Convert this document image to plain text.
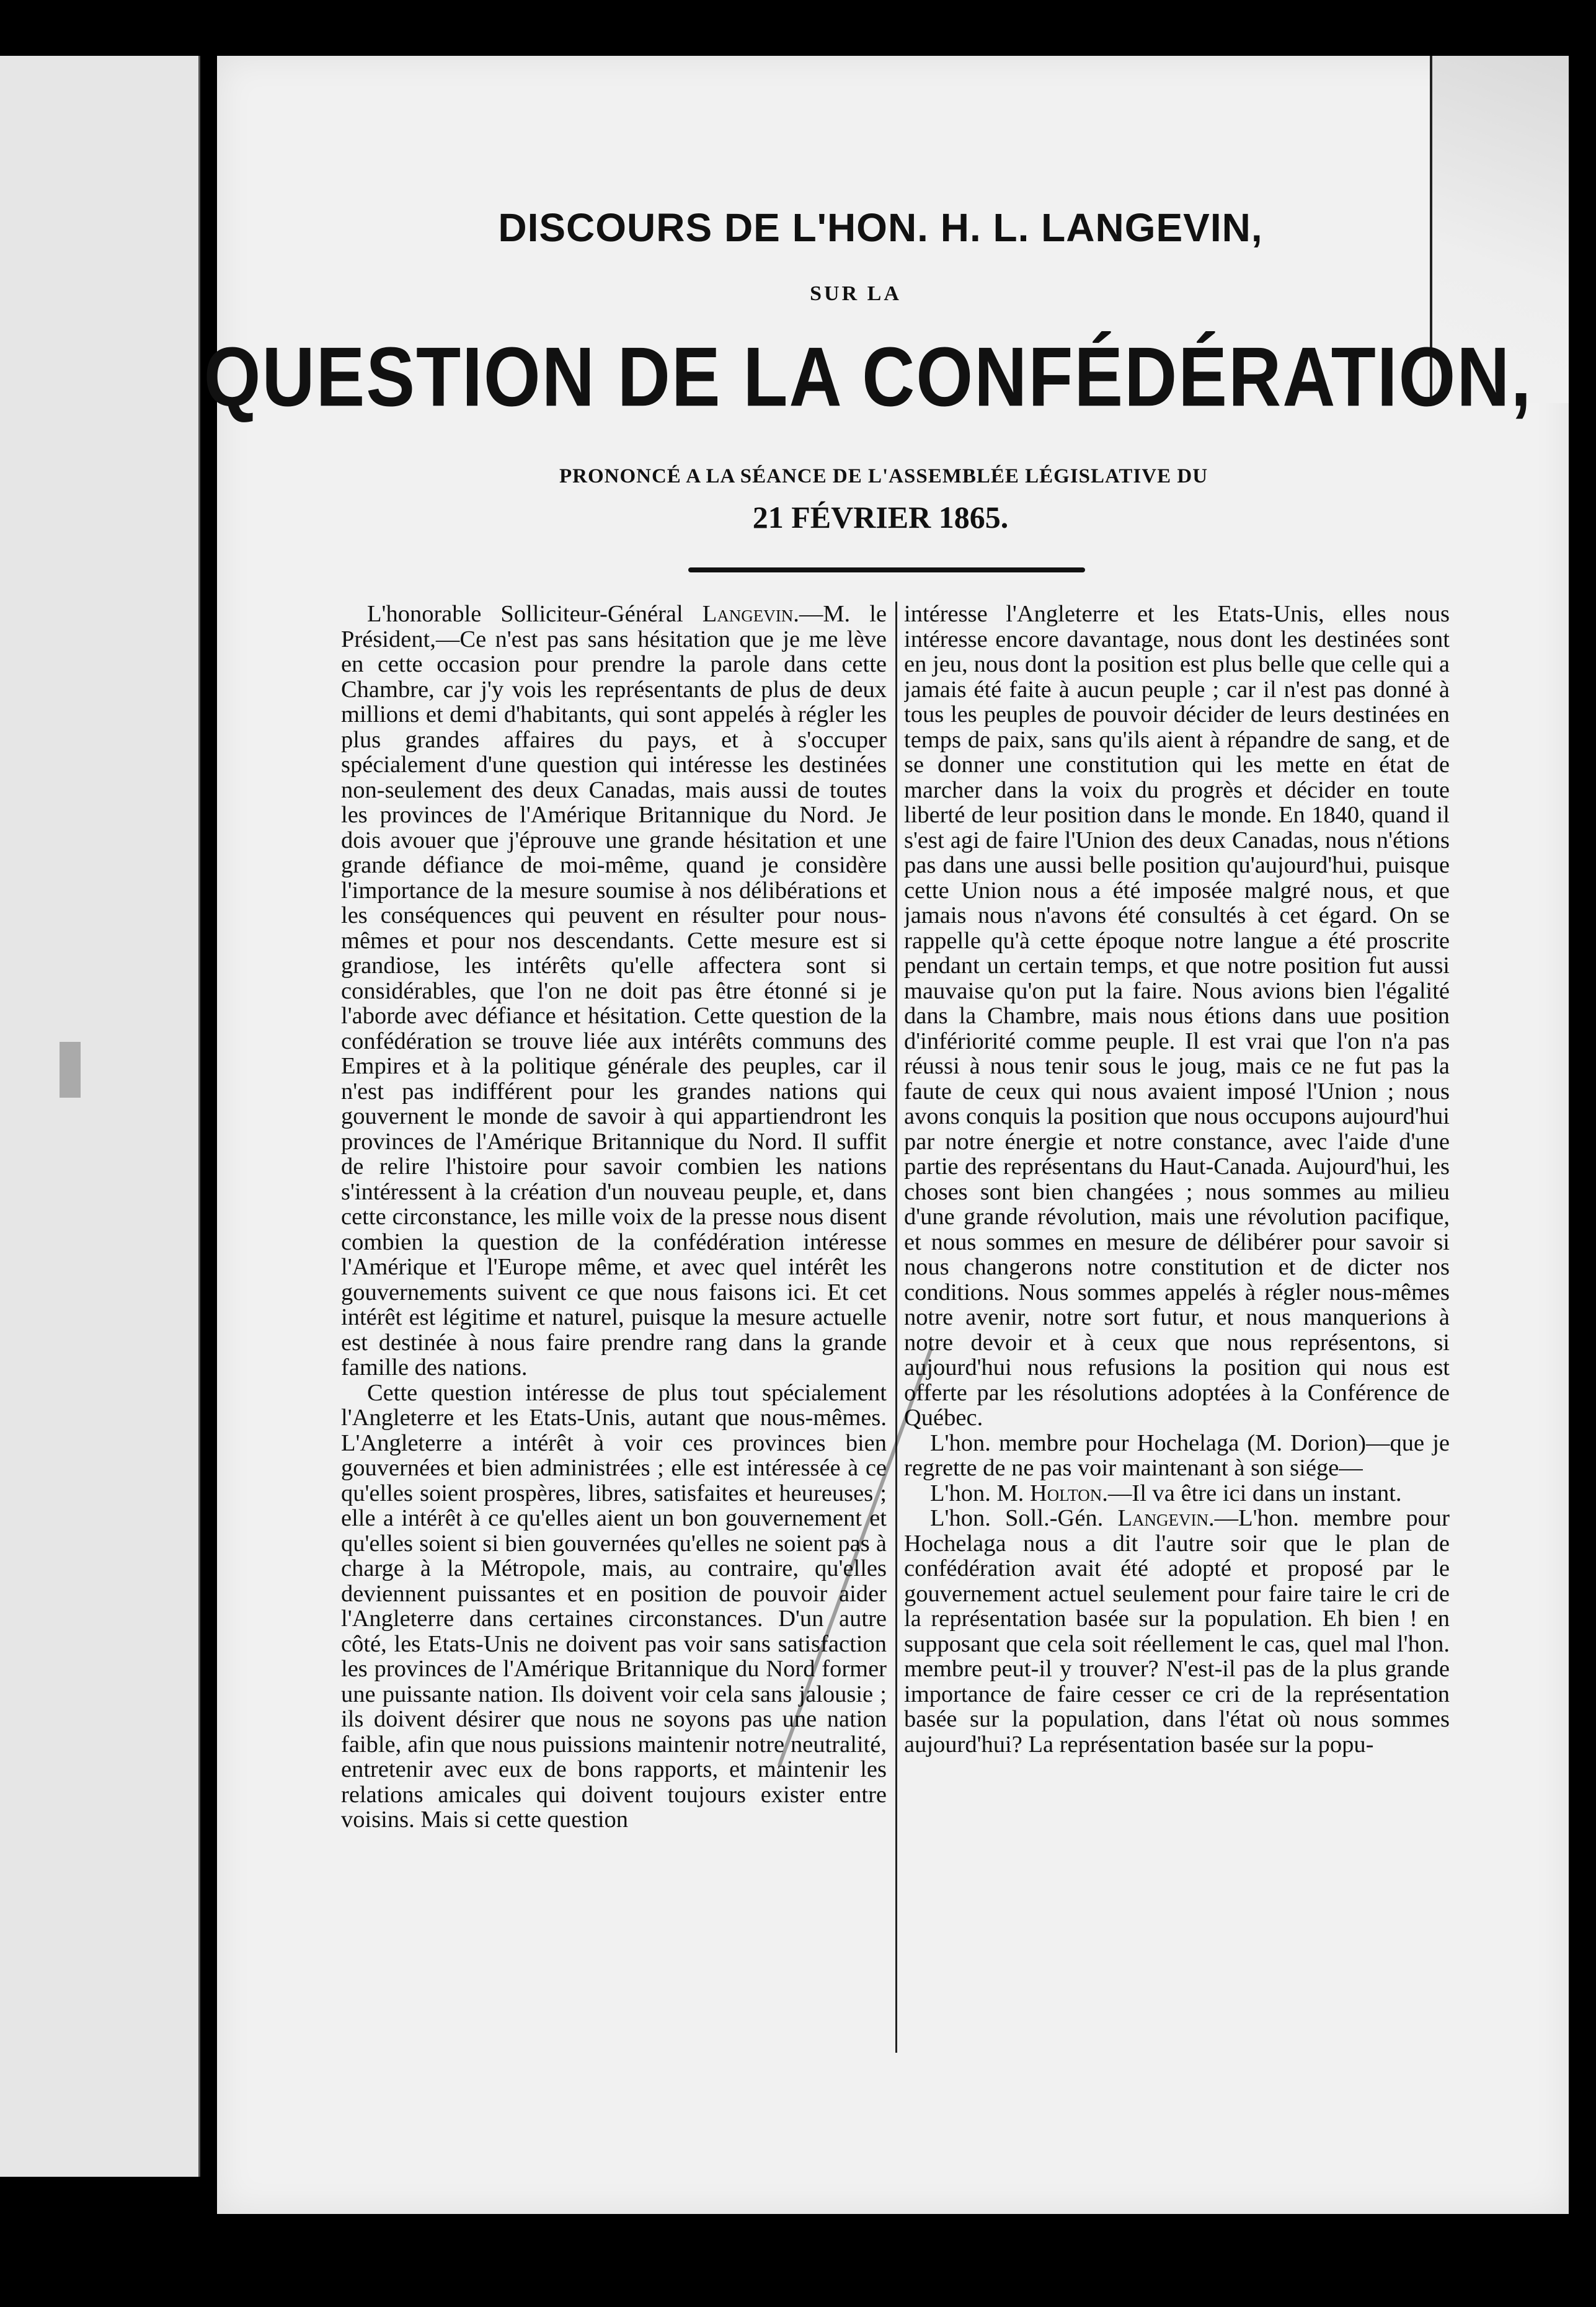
DISCOURS DE L'HON. H. L. LANGEVIN,
SUR LA
QUESTION DE LA CONFÉDÉRATION,
PRONONCÉ A LA SÉANCE DE L'ASSEMBLÉE LÉGISLATIVE DU
21 FÉVRIER 1865.

L'honorable Solliciteur-Général Langevin.—M. le Président,—Ce n'est pas sans hésitation que je me lève en cette occasion pour prendre la parole dans cette Chambre, car j'y vois les représentants de plus de deux millions et demi d'habitants, qui sont appelés à régler les plus grandes affaires du pays, et à s'occuper spécialement d'une question qui intéresse les destinées non-seulement des deux Canadas, mais aussi de toutes les provinces de l'Amérique Britannique du Nord. Je dois avouer que j'éprouve une grande hésitation et une grande défiance de moi-même, quand je considère l'importance de la mesure soumise à nos délibérations et les conséquences qui peuvent en résulter pour nous-mêmes et pour nos descendants. Cette mesure est si grandiose, les intérêts qu'elle affectera sont si considérables, que l'on ne doit pas être étonné si je l'aborde avec défiance et hésitation. Cette question de la confédération se trouve liée aux intérêts communs des Empires et à la politique générale des peuples, car il n'est pas indifférent pour les grandes nations qui gouvernent le monde de savoir à qui appartiendront les provinces de l'Amérique Britannique du Nord. Il suffit de relire l'histoire pour savoir combien les nations s'intéressent à la création d'un nouveau peuple, et, dans cette circonstance, les mille voix de la presse nous disent combien la question de la confédération intéresse l'Amérique et l'Europe même, et avec quel intérêt les gouvernements suivent ce que nous faisons ici. Et cet intérêt est légitime et naturel, puisque la mesure actuelle est destinée à nous faire prendre rang dans la grande famille des nations.

Cette question intéresse de plus tout spécialement l'Angleterre et les Etats-Unis, autant que nous-mêmes. L'Angleterre a intérêt à voir ces provinces bien gouvernées et bien administrées ; elle est intéressée à ce qu'elles soient prospères, libres, satisfaites et heureuses ; elle a intérêt à ce qu'elles aient un bon gouvernement et qu'elles soient si bien gouvernées qu'elles ne soient pas à charge à la Métropole, mais, au contraire, qu'elles deviennent puissantes et en position de pouvoir aider l'Angleterre dans certaines circonstances. D'un autre côté, les Etats-Unis ne doivent pas voir sans satisfaction les provinces de l'Amérique Britannique du Nord former une puissante nation. Ils doivent voir cela sans jalousie ; ils doivent désirer que nous ne soyons pas une nation faible, afin que nous puissions maintenir notre neutralité, entretenir avec eux de bons rapports, et maintenir les relations amicales qui doivent toujours exister entre voisins. Mais si cette question

intéresse l'Angleterre et les Etats-Unis, elles nous intéresse encore davantage, nous dont les destinées sont en jeu, nous dont la position est plus belle que celle qui a jamais été faite à aucun peuple ; car il n'est pas donné à tous les peuples de pouvoir décider de leurs destinées en temps de paix, sans qu'ils aient à répandre de sang, et de se donner une constitution qui les mette en état de marcher dans la voix du progrès et décider en toute liberté de leur position dans le monde. En 1840, quand il s'est agi de faire l'Union des deux Canadas, nous n'étions pas dans une aussi belle position qu'aujourd'hui, puisque cette Union nous a été imposée malgré nous, et que jamais nous n'avons été consultés à cet égard. On se rappelle qu'à cette époque notre langue a été proscrite pendant un certain temps, et que notre position fut aussi mauvaise qu'on put la faire. Nous avions bien l'égalité dans la Chambre, mais nous étions dans uue position d'infériorité comme peuple. Il est vrai que l'on n'a pas réussi à nous tenir sous le joug, mais ce ne fut pas la faute de ceux qui nous avaient imposé l'Union ; nous avons conquis la position que nous occupons aujourd'hui par notre énergie et notre constance, avec l'aide d'une partie des représentans du Haut-Canada. Aujourd'hui, les choses sont bien changées ; nous sommes au milieu d'une grande révolution, mais une révolution pacifique, et nous sommes en mesure de délibérer pour savoir si nous changerons notre constitution et de dicter nos conditions. Nous sommes appelés à régler nous-mêmes notre avenir, notre sort futur, et nous manquerions à notre devoir et à ceux que nous représentons, si aujourd'hui nous refusions la position qui nous est offerte par les résolutions adoptées à la Conférence de Québec.

L'hon. membre pour Hochelaga (M. Dorion)—que je regrette de ne pas voir maintenant à son siége—

L'hon. M. Holton.—Il va être ici dans un instant.

L'hon. Soll.-Gén. Langevin.—L'hon. membre pour Hochelaga nous a dit l'autre soir que le plan de confédération avait été adopté et proposé par le gouvernement actuel seulement pour faire taire le cri de la représentation basée sur la population. Eh bien ! en supposant que cela soit réellement le cas, quel mal l'hon. membre peut-il y trouver? N'est-il pas de la plus grande importance de faire cesser ce cri de la représentation basée sur la population, dans l'état où nous sommes aujourd'hui? La représentation basée sur la popu-
